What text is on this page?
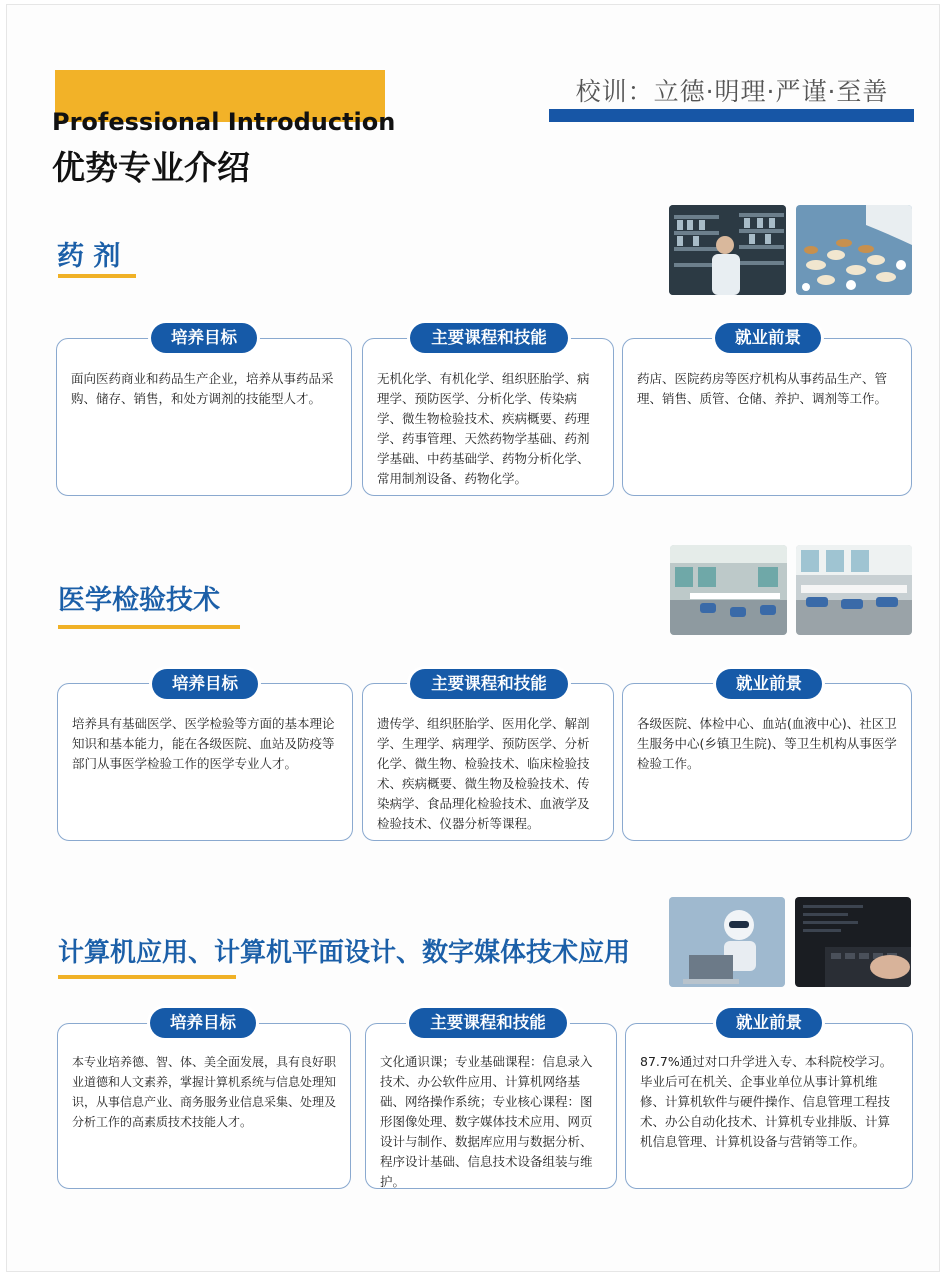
Professional Introduction
优势专业介绍
校训：立德·明理·严谨·至善
药 剂
面向医药商业和药品生产企业，培养从事药品采购、储存、销售，和处方调剂的技能型人才。
培养目标
无机化学、有机化学、组织胚胎学、病理学、预防医学、分析化学、传染病学、微生物检验技术、疾病概要、药理学、药事管理、天然药物学基础、药剂学基础、中药基础学、药物分析化学、常用制剂设备、药物化学。
主要课程和技能
药店、医院药房等医疗机构从事药品生产、管理、销售、质管、仓储、养护、调剂等工作。
就业前景
医学检验技术
培养具有基础医学、医学检验等方面的基本理论知识和基本能力，能在各级医院、血站及防疫等部门从事医学检验工作的医学专业人才。
培养目标
遗传学、组织胚胎学、医用化学、解剖学、生理学、病理学、预防医学、分析化学、微生物、检验技术、临床检验技术、疾病概要、微生物及检验技术、传染病学、食品理化检验技术、血液学及检验技术、仪器分析等课程。
主要课程和技能
各级医院、体检中心、血站(血液中心)、社区卫生服务中心(乡镇卫生院)、等卫生机构从事医学检验工作。
就业前景
计算机应用、计算机平面设计、数字媒体技术应用
本专业培养德、智、体、美全面发展，具有良好职业道德和人文素养，掌握计算机系统与信息处理知识，从事信息产业、商务服务业信息采集、处理及分析工作的高素质技术技能人才。
培养目标
文化通识课；专业基础课程：信息录入技术、办公软件应用、计算机网络基础、网络操作系统；专业核心课程：图形图像处理、数字媒体技术应用、网页设计与制作、数据库应用与数据分析、程序设计基础、信息技术设备组装与维护。
主要课程和技能
87.7%通过对口升学进入专、本科院校学习。毕业后可在机关、企事业单位从事计算机维修、计算机软件与硬件操作、信息管理工程技术、办公自动化技术、计算机专业排版、计算机信息管理、计算机设备与营销等工作。
就业前景
